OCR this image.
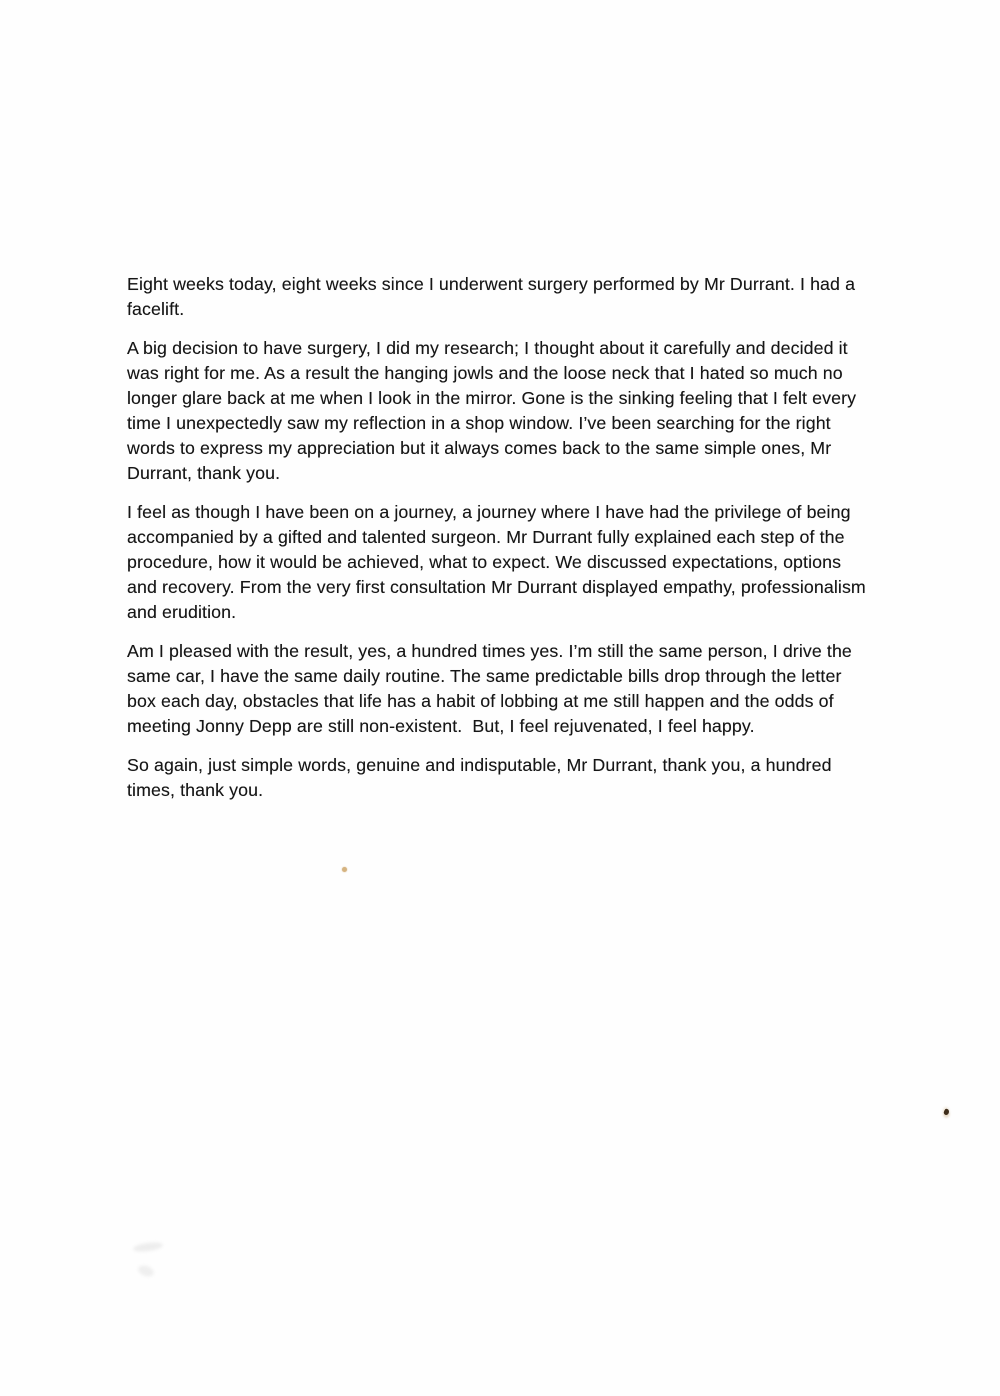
Eight weeks today, eight weeks since I underwent surgery performed by Mr Durrant. I had a facelift.

A big decision to have surgery, I did my research; I thought about it carefully and decided it was right for me. As a result the hanging jowls and the loose neck that I hated so much no longer glare back at me when I look in the mirror. Gone is the sinking feeling that I felt every time I unexpectedly saw my reflection in a shop window. I’ve been searching for the right words to express my appreciation but it always comes back to the same simple ones, Mr Durrant, thank you.

I feel as though I have been on a journey, a journey where I have had the privilege of being accompanied by a gifted and talented surgeon. Mr Durrant fully explained each step of the procedure, how it would be achieved, what to expect. We discussed expectations, options and recovery. From the very first consultation Mr Durrant displayed empathy, professionalism and erudition.

Am I pleased with the result, yes, a hundred times yes. I’m still the same person, I drive the same car, I have the same daily routine. The same predictable bills drop through the letter box each day, obstacles that life has a habit of lobbing at me still happen and the odds of meeting Jonny Depp are still non-existent.  But, I feel rejuvenated, I feel happy.

So again, just simple words, genuine and indisputable, Mr Durrant, thank you, a hundred times, thank you.
